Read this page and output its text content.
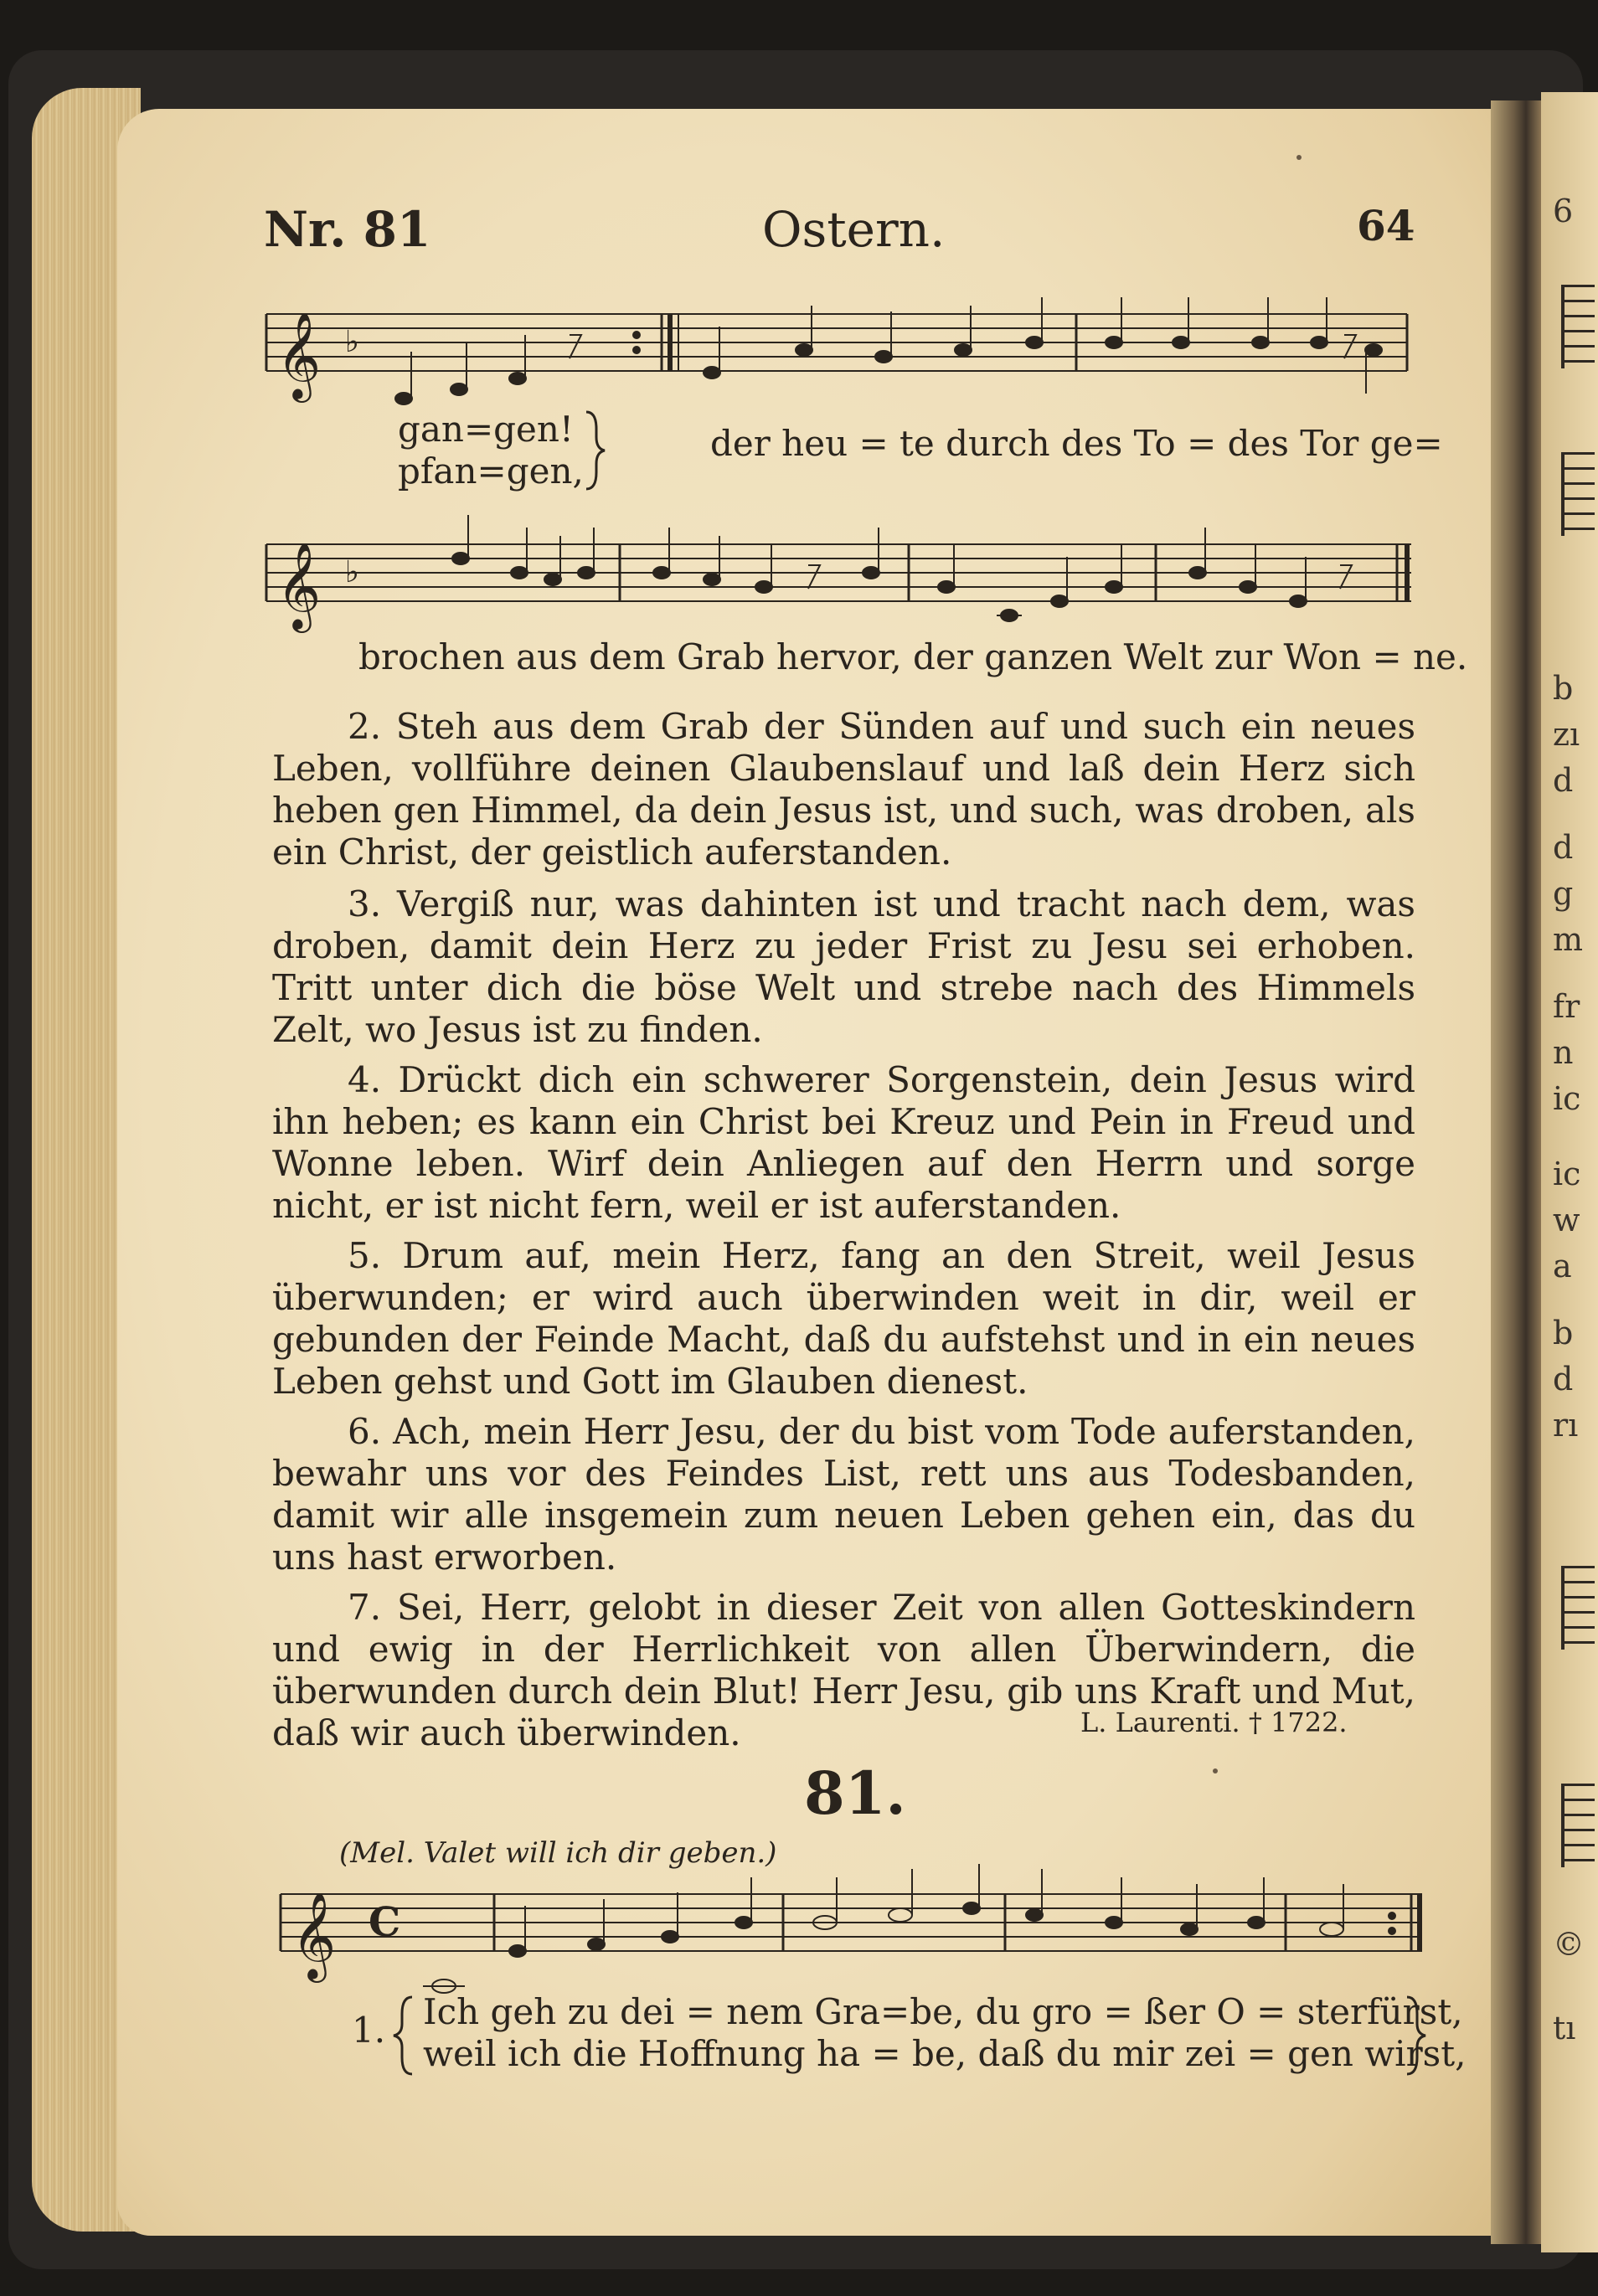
6
b
zı
d
d
g
m
fr
n
ic
ic
w
a
b
d
rı
©
tı
Nr. 81	Ostern.	64
𝄞 ♭
𝄞 ♭
𝄞 C
gan=gen!
pfan=gen,
der heu = te durch des To = des Tor ge=
brochen aus dem Grab hervor, der ganzen Welt zur Won = ne.
2. Steh aus dem Grab der Sünden auf und such ein neues Leben, vollführe deinen Glaubenslauf und laß dein Herz sich heben gen Himmel, da dein Jesus ist, und such, was droben, als ein Christ, der geistlich auferstanden.
3. Vergiß nur, was dahinten ist und tracht nach dem, was droben, damit dein Herz zu jeder Frist zu Jesu sei erhoben. Tritt unter dich die böse Welt und strebe nach des Himmels Zelt, wo Jesus ist zu finden.
4. Drückt dich ein schwerer Sorgenstein, dein Jesus wird ihn heben; es kann ein Christ bei Kreuz und Pein in Freud und Wonne leben. Wirf dein Anliegen auf den Herrn und sorge nicht, er ist nicht fern, weil er ist auferstanden.
5. Drum auf, mein Herz, fang an den Streit, weil Jesus überwunden; er wird auch überwinden weit in dir, weil er gebunden der Feinde Macht, daß du aufstehst und in ein neues Leben gehst und Gott im Glauben dienest.
6. Ach, mein Herr Jesu, der du bist vom Tode auferstanden, bewahr uns vor des Feindes List, rett uns aus Todesbanden, damit wir alle insgemein zum neuen Leben gehen ein, das du uns hast erworben.
7. Sei, Herr, gelobt in dieser Zeit von allen Gotteskindern und ewig in der Herrlichkeit von allen Überwindern, die überwunden durch dein Blut! Herr Jesu, gib uns Kraft und Mut, daß wir auch überwinden.	L. Laurenti. † 1722.
81.
(Mel. Valet will ich dir geben.)
1. Ich geh zu dei = nem Gra=be, du gro = ßer O = sterfürst,
weil ich die Hoffnung ha = be, daß du mir zei = gen wirst,
